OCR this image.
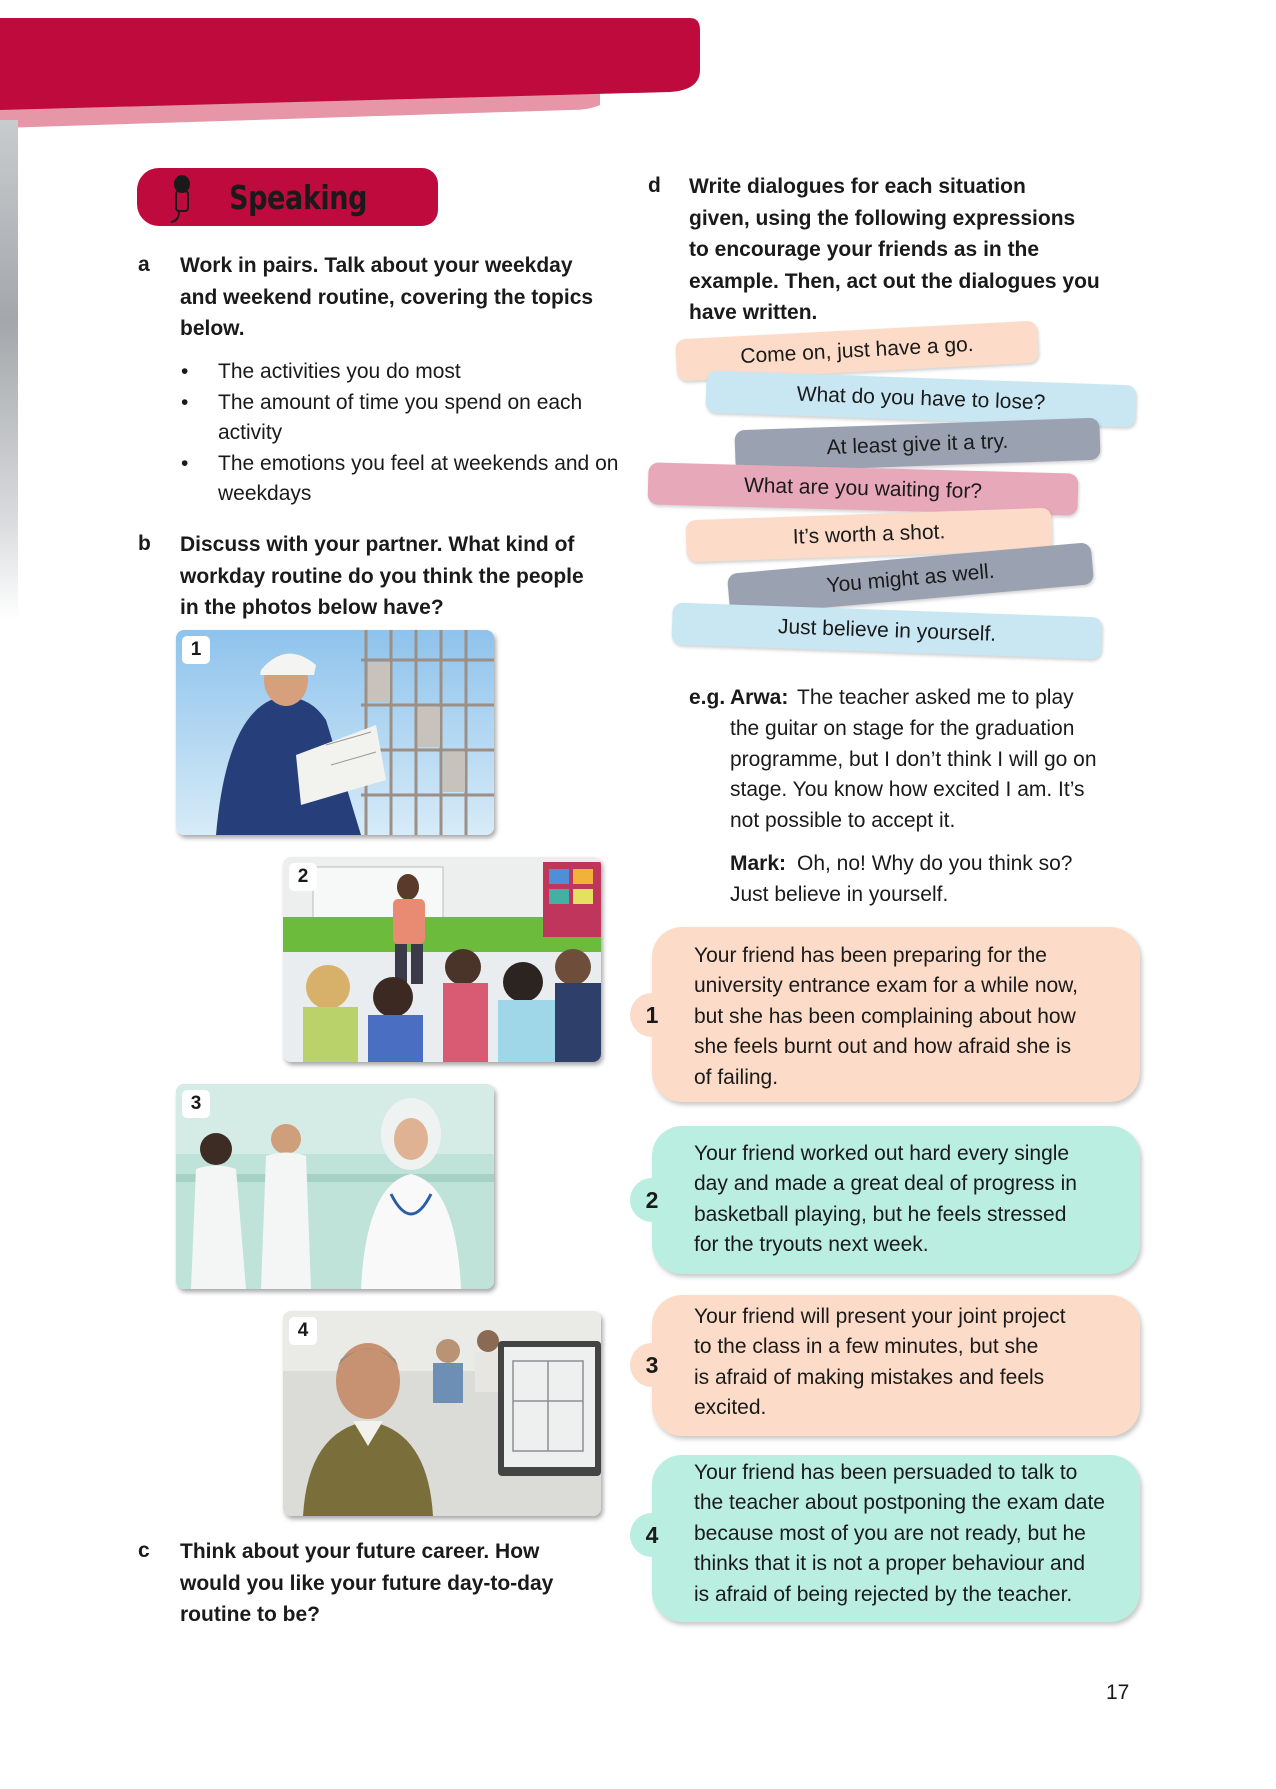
Speaking
a Work in pairs. Talk about your weekday
and weekend routine, covering the topics
below.
• The activities you do most
• The amount of time you spend on each activity
• The emotions you feel at weekends and on weekdays
b Discuss with your partner. What kind of
workday routine do you think the people
in the photos below have?
1
2
3
4
c Think about your future career. How
would you like your future day-to-day
routine to be?
d Write dialogues for each situation
given, using the following expressions
to encourage your friends as in the
example. Then, act out the dialogues you
have written.
Come on, just have a go.
What do you have to lose?
At least give it a try.
What are you waiting for?
It’s worth a shot.
You might as well.
Just believe in yourself.
e.g. Arwa: The teacher asked me to play
the guitar on stage for the graduation
programme, but I don’t think I will go on
stage. You know how excited I am. It’s
not possible to accept it.
Mark: Oh, no! Why do you think so?
Just believe in yourself.
1
Your friend has been preparing for the
university entrance exam for a while now,
but she has been complaining about how
she feels burnt out and how afraid she is
of failing.
2
Your friend worked out hard every single
day and made a great deal of progress in
basketball playing, but he feels stressed
for the tryouts next week.
3
Your friend will present your joint project
to the class in a few minutes, but she
is afraid of making mistakes and feels
excited.
4
Your friend has been persuaded to talk to
the teacher about postponing the exam date
because most of you are not ready, but he
thinks that it is not a proper behaviour and
is afraid of being rejected by the teacher.
17
